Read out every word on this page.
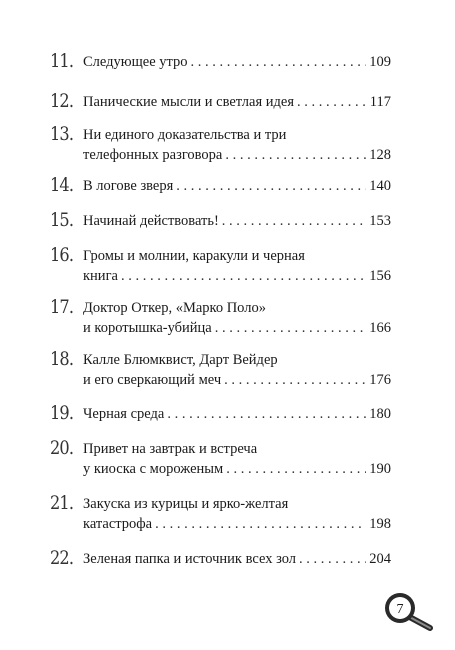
11. Следующее утро . . .	109
12. Панические мысли и светлая идея . . .	117
13. Ни единого доказательства и три
телефонных разговора . . .	128
14. В логове зверя . . .	140
15. Начинай действовать! . . .	153
16. Громы и молнии, каракули и черная
книга . . .	156
17. Доктор Откер, «Марко Поло»
и коротышка-убийца . . .	166
18. Калле Блюмквист, Дарт Вейдер
и его сверкающий меч . . .	176
19. Черная среда . . .	180
20. Привет на завтрак и встреча
у киоска с мороженым . . .	190
21. Закуска из курицы и ярко-желтая
катастрофа . . .	198
22. Зеленая папка и источник всех зол . . .	204
7
